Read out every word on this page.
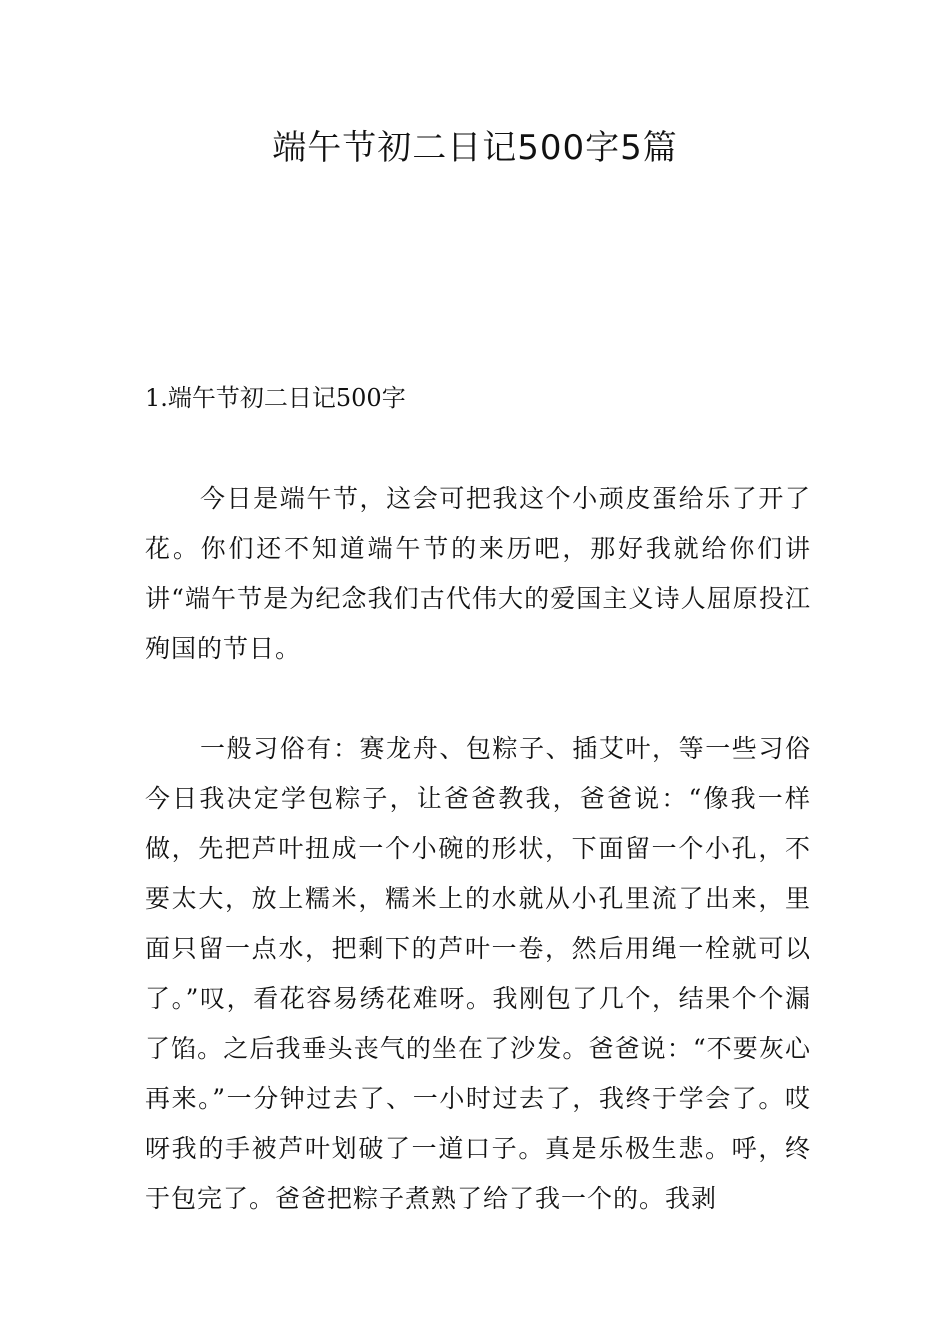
端午节初二日记500字5篇
1.端午节初二日记500字

今日是端午节，这会可把我这个小顽皮蛋给乐了开了花。你们还不知道端午节的来历吧，那好我就给你们讲讲“端午节是为纪念我们古代伟大的爱国主义诗人屈原投江殉国的节日。

一般习俗有：赛龙舟、包粽子、插艾叶，等一些习俗今日我决定学包粽子，让爸爸教我，爸爸说：“像我一样做，先把芦叶扭成一个小碗的形状，下面留一个小孔，不要太大，放上糯米，糯米上的水就从小孔里流了出来，里面只留一点水，把剩下的芦叶一卷，然后用绳一栓就可以了。”叹，看花容易绣花难呀。我刚包了几个，结果个个漏了馅。之后我垂头丧气的坐在了沙发。爸爸说：“不要灰心再来。”一分钟过去了、一小时过去了，我终于学会了。哎呀我的手被芦叶划破了一道口子。真是乐极生悲。呼，终于包完了。爸爸把粽子煮熟了给了我一个的。我剥
